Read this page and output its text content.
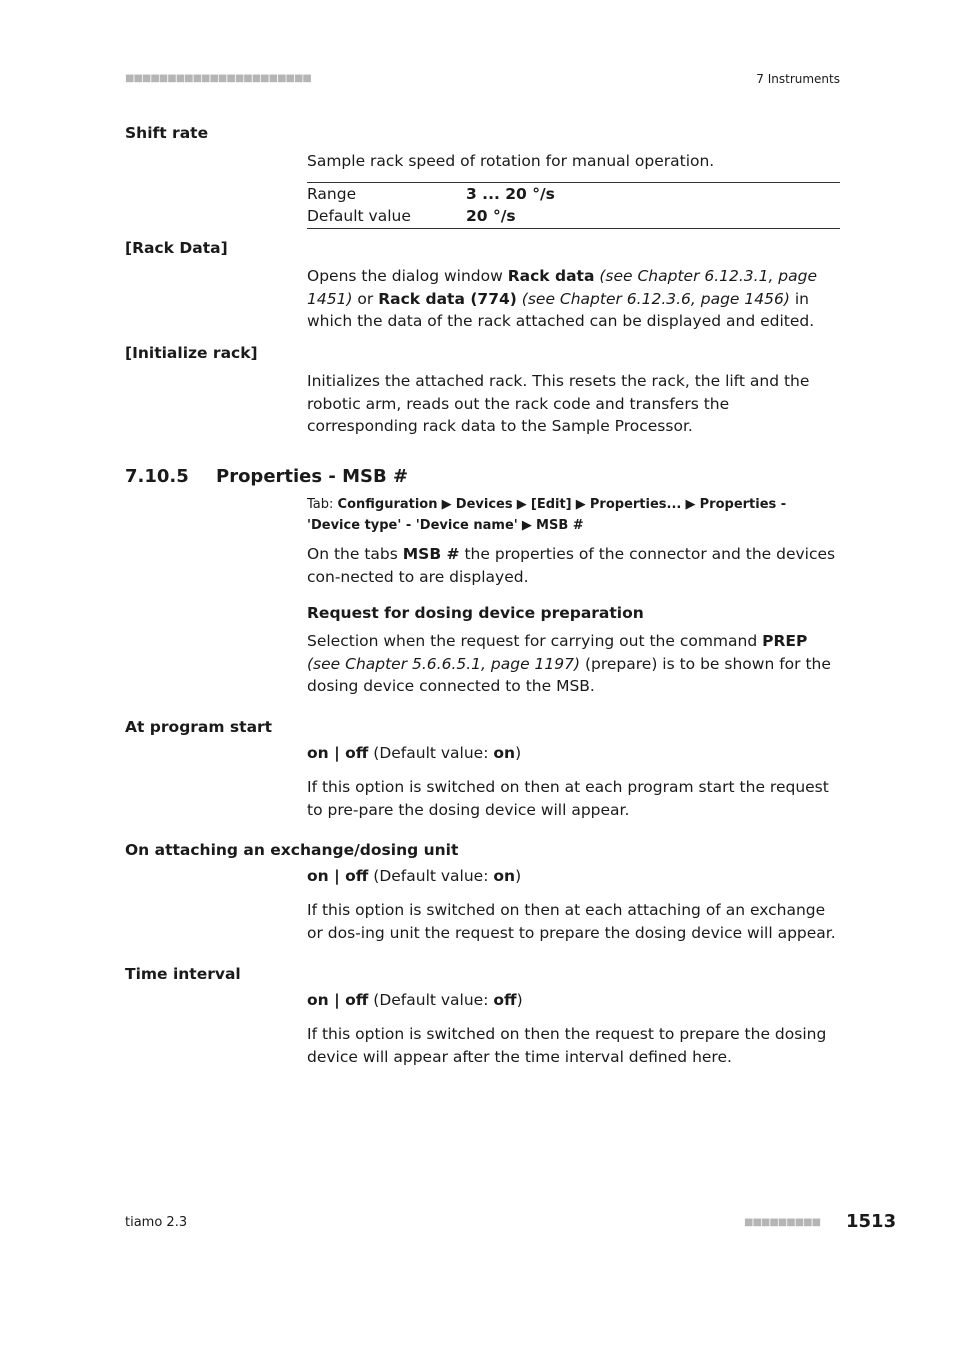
■■■■■■■■■■■■■■■■■■■■■■	7 Instruments
Shift rate
Sample rack speed of rotation for manual operation.
Range	3 ... 20 °/s
Default value	20 °/s
[Rack Data]
Opens the dialog window Rack data (see Chapter 6.12.3.1, page 1451) or Rack data (774) (see Chapter 6.12.3.6, page 1456) in which the data of the rack attached can be displayed and edited.
[Initialize rack]
Initializes the attached rack. This resets the rack, the lift and the robotic arm, reads out the rack code and transfers the corresponding rack data to the Sample Processor.
7.10.5 Properties - MSB #
Tab: Configuration ▶ Devices ▶ [Edit] ▶ Properties... ▶ Properties - 'Device type' - 'Device name' ▶ MSB #
On the tabs MSB # the properties of the connector and the devices con-nected to are displayed.
Request for dosing device preparation
Selection when the request for carrying out the command PREP (see Chapter 5.6.6.5.1, page 1197) (prepare) is to be shown for the dosing device connected to the MSB.
At program start
on | off (Default value: on)
If this option is switched on then at each program start the request to pre-pare the dosing device will appear.
On attaching an exchange/dosing unit
on | off (Default value: on)
If this option is switched on then at each attaching of an exchange or dos-ing unit the request to prepare the dosing device will appear.
Time interval
on | off (Default value: off)
If this option is switched on then the request to prepare the dosing device will appear after the time interval defined here.
tiamo 2.3	■■■■■■■■■ 1513
